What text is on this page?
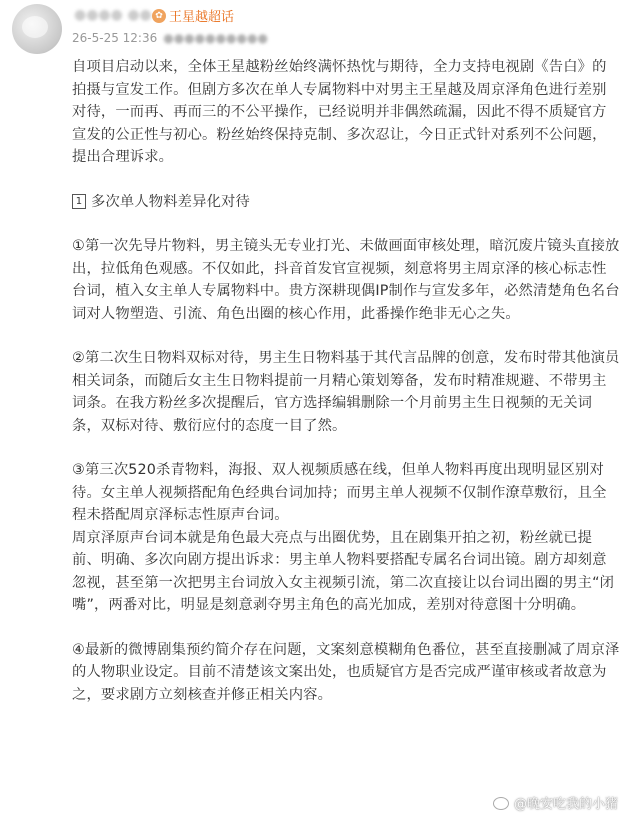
●●●● ●● ✿ 王星越超话
26-5-25 12:36 ●●●●●●●●●●

自项目启动以来，全体王星越粉丝始终满怀热忱与期待，全力支持电视剧《告白》的拍摄与宣发工作。但剧方多次在单人专属物料中对男主王星越及周京泽角色进行差别对待，一而再、再而三的不公平操作，已经说明并非偶然疏漏，因此不得不质疑官方宣发的公正性与初心。粉丝始终保持克制、多次忍让，今日正式针对系列不公问题，提出合理诉求。

1 多次单人物料差异化对待

①第一次先导片物料，男主镜头无专业打光、未做画面审核处理，暗沉废片镜头直接放出，拉低角色观感。不仅如此，抖音首发官宣视频，刻意将男主周京泽的核心标志性台词，植入女主单人专属物料中。贵方深耕现偶IP制作与宣发多年，必然清楚角色名台词对人物塑造、引流、角色出圈的核心作用，此番操作绝非无心之失。

②第二次生日物料双标对待，男主生日物料基于其代言品牌的创意，发布时带其他演员相关词条，而随后女主生日物料提前一月精心策划筹备，发布时精准规避、不带男主词条。在我方粉丝多次提醒后，官方选择编辑删除一个月前男主生日视频的无关词条，双标对待、敷衍应付的态度一目了然。

③第三次520杀青物料，海报、双人视频质感在线，但单人物料再度出现明显区别对待。女主单人视频搭配角色经典台词加持；而男主单人视频不仅制作潦草敷衍，且全程未搭配周京泽标志性原声台词。

周京泽原声台词本就是角色最大亮点与出圈优势，且在剧集开拍之初，粉丝就已提前、明确、多次向剧方提出诉求：男主单人物料要搭配专属名台词出镜。剧方却刻意忽视，甚至第一次把男主台词放入女主视频引流，第二次直接让以台词出圈的男主“闭嘴”，两番对比，明显是刻意剥夺男主角色的高光加成，差别对待意图十分明确。

④最新的微博剧集预约简介存在问题，文案刻意模糊角色番位，甚至直接删减了周京泽的人物职业设定。目前不清楚该文案出处，也质疑官方是否完成严谨审核或者故意为之，要求剧方立刻核查并修正相关内容。

@晚安吃我的小猪
